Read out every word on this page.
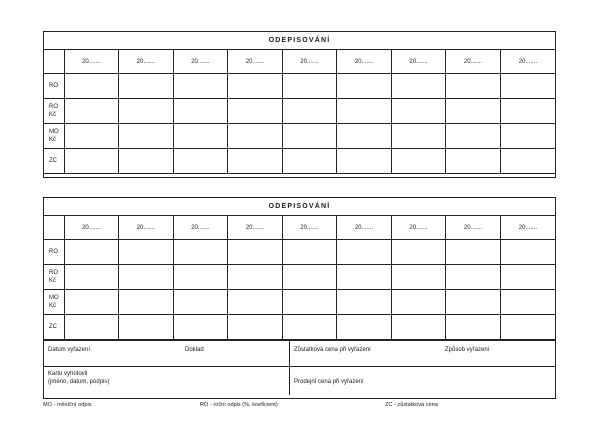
ODEPISOVÁNÍ
	20.......	20.......	20.......	20.......	20.......	20.......	20.......	20.......	20.......

RO									

RO
Kč									

MO
Kč									

ZC									

ODEPISOVÁNÍ
	20.......	20.......	20.......	20.......	20.......	20.......	20.......	20.......	20.......

RO									

RO
Kč									

MO
Kč									

ZC									

Datum vyřazení	Doklad	Zůstatková cena při vyřazení	Způsob vyřazení
Kartu vyhotovil
(jméno, datum, podpis)	Prodejní cena při vyřazení
MO - měsíční odpis	RO - roční odpis (%, koeficient)	ZC - zůstatková cena
